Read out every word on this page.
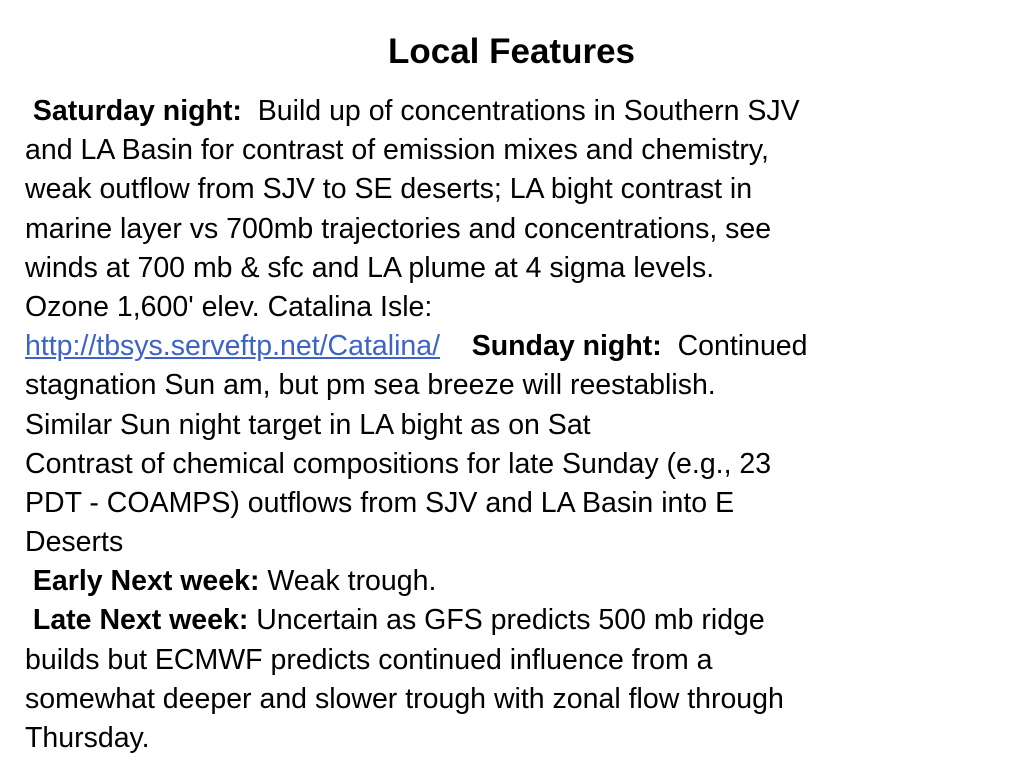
Local Features
Saturday night: Build up of concentrations in Southern SJV
and LA Basin for contrast of emission mixes and chemistry,
weak outflow from SJV to SE deserts; LA bight contrast in
marine layer vs 700mb trajectories and concentrations, see
winds at 700 mb & sfc and LA plume at 4 sigma levels.
Ozone 1,600' elev. Catalina Isle:
http://tbsys.serveftp.net/Catalina/ Sunday night: Continued
stagnation Sun am, but pm sea breeze will reestablish.
Similar Sun night target in LA bight as on Sat
Contrast of chemical compositions for late Sunday (e.g., 23
PDT - COAMPS) outflows from SJV and LA Basin into E
Deserts
Early Next week: Weak trough.
Late Next week: Uncertain as GFS predicts 500 mb ridge
builds but ECMWF predicts continued influence from a
somewhat deeper and slower trough with zonal flow through
Thursday.
